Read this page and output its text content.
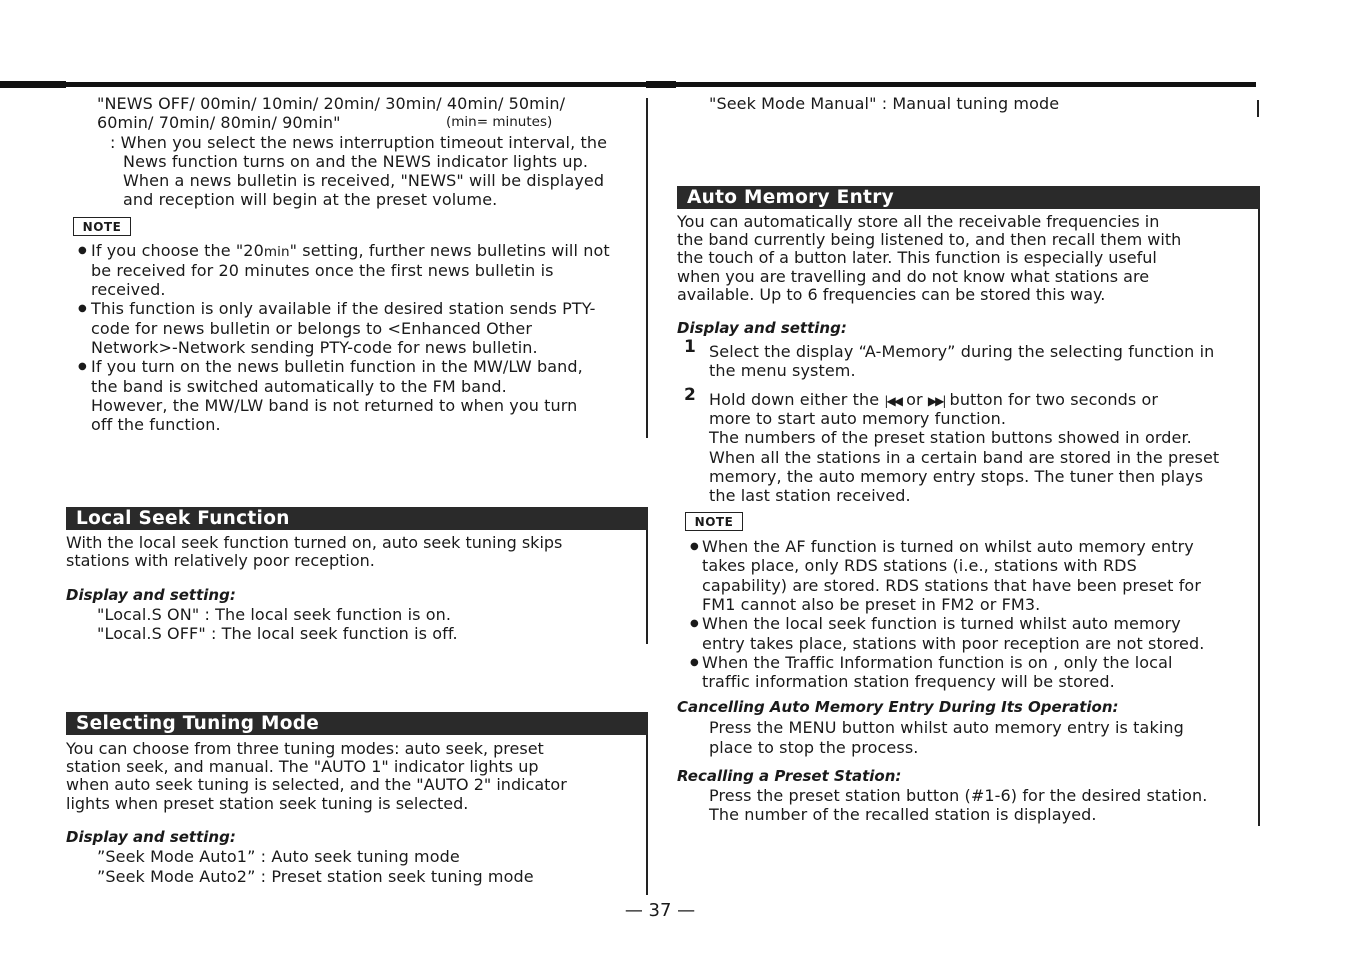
"NEWS OFF/ 00min/ 10min/ 20min/ 30min/ 40min/ 50min/
60min/ 70min/ 80min/ 90min"	(min= minutes)
: When you select the news interruption timeout interval, the
News function turns on and the NEWS indicator lights up.
When a news bulletin is received, "NEWS" will be displayed
and reception will begin at the preset volume.
NOTE
● If you choose the "20min" setting, further news bulletins will not
be received for 20 minutes once the first news bulletin is
received.
● This function is only available if the desired station sends PTY-
code for news bulletin or belongs to <Enhanced Other
Network>-Network sending PTY-code for news bulletin.
● If you turn on the news bulletin function in the MW/LW band,
the band is switched automatically to the FM band.
However, the MW/LW band is not returned to when you turn
off the function.
Local Seek Function
With the local seek function turned on, auto seek tuning skips
stations with relatively poor reception.
Display and setting:
"Local.S ON" : The local seek function is on.
"Local.S OFF" : The local seek function is off.
Selecting Tuning Mode
You can choose from three tuning modes: auto seek, preset
station seek, and manual. The "AUTO 1" indicator lights up
when auto seek tuning is selected, and the "AUTO 2" indicator
lights when preset station seek tuning is selected.
Display and setting:
”Seek Mode Auto1” : Auto seek tuning mode
”Seek Mode Auto2” : Preset station seek tuning mode
"Seek Mode Manual" : Manual tuning mode
Auto Memory Entry
You can automatically store all the receivable frequencies in
the band currently being listened to, and then recall them with
the touch of a button later. This function is especially useful
when you are travelling and do not know what stations are
available. Up to 6 frequencies can be stored this way.
Display and setting:
1 Select the display “A-Memory” during the selecting function in
the menu system.
2 Hold down either the |◀◀ or ▶▶| button for two seconds or
more to start auto memory function.
The numbers of the preset station buttons showed in order.
When all the stations in a certain band are stored in the preset
memory, the auto memory entry stops. The tuner then plays
the last station received.
NOTE
● When the AF function is turned on whilst auto memory entry
takes place, only RDS stations (i.e., stations with RDS
capability) are stored. RDS stations that have been preset for
FM1 cannot also be preset in FM2 or FM3.
● When the local seek function is turned whilst auto memory
entry takes place, stations with poor reception are not stored.
● When the Traffic Information function is on , only the local
traffic information station frequency will be stored.
Cancelling Auto Memory Entry During Its Operation:
Press the MENU button whilst auto memory entry is taking
place to stop the process.
Recalling a Preset Station:
Press the preset station button (#1-6) for the desired station.
The number of the recalled station is displayed.
— 37 —
